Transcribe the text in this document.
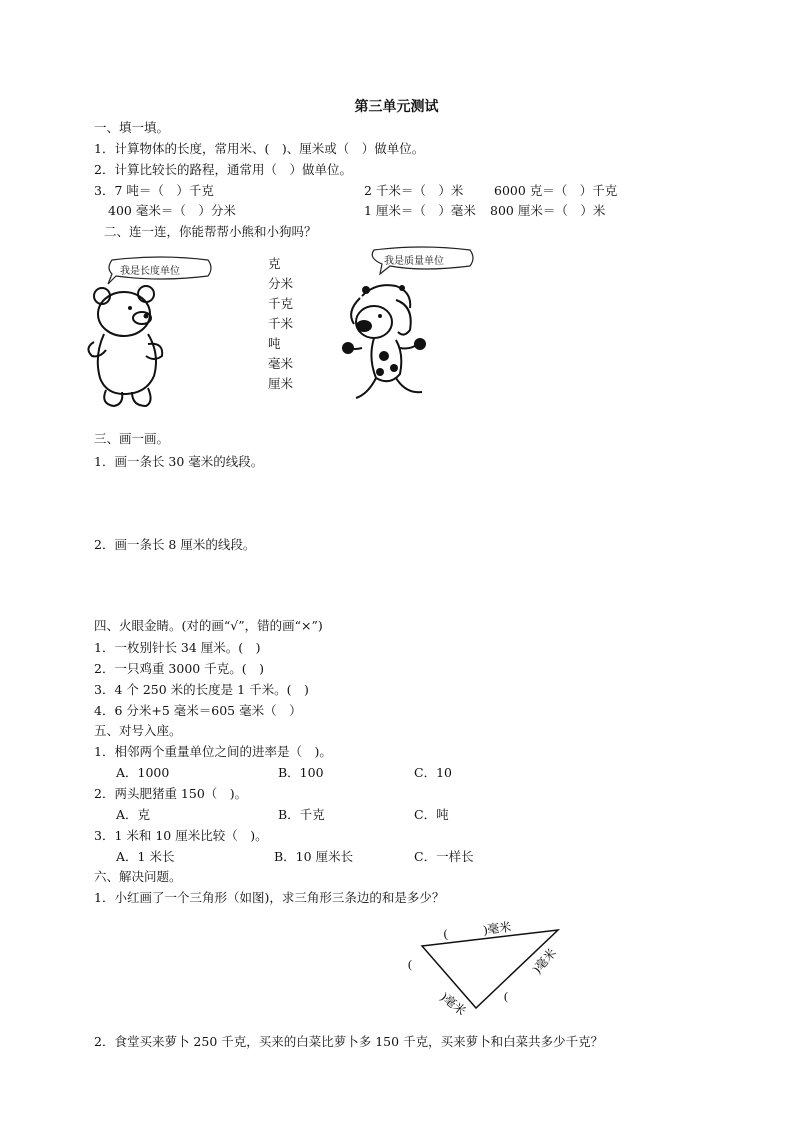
第三单元测试
一、填一填。
1．计算物体的长度，常用米、(　)、厘米或（　）做单位。
2．计算比较长的路程，通常用（　）做单位。
3．7 吨＝（　）千克	2 千米＝（　）米 6000 克＝（　）千克
400 毫米＝（　）分米	1 厘米＝（　）毫米 800 厘米＝（　）米
二、连一连，你能帮帮小熊和小狗吗？
我是长度单位
克
分米
千克
千米
吨
毫米
厘米
我是质量单位
三、画一画。
1．画一条长 30 毫米的线段。
2．画一条长 8 厘米的线段。
四、火眼金睛。(对的画“√”，错的画“×”)
1．一枚别针长 34 厘米。(　)
2．一只鸡重 3000 千克。(　)
3．4 个 250 米的长度是 1 千米。(　)
4．6 分米+5 毫米＝605 毫米（　）
五、对号入座。
1．相邻两个重量单位之间的进率是（　)。
A．1000	B．100	C．10
2．两头肥猪重 150（　)。
A．克	B．千克	C．吨
3．1 米和 10 厘米比较（　)。
A．1 米长	B．10 厘米长	C．一样长
六、解决问题。
1．小红画了一个三角形（如图)，求三角形三条边的和是多少？
(　　　)毫米
)毫米
)毫米
(
(
2．食堂买来萝卜 250 千克，买来的白菜比萝卜多 150 千克，买来萝卜和白菜共多少千克？
